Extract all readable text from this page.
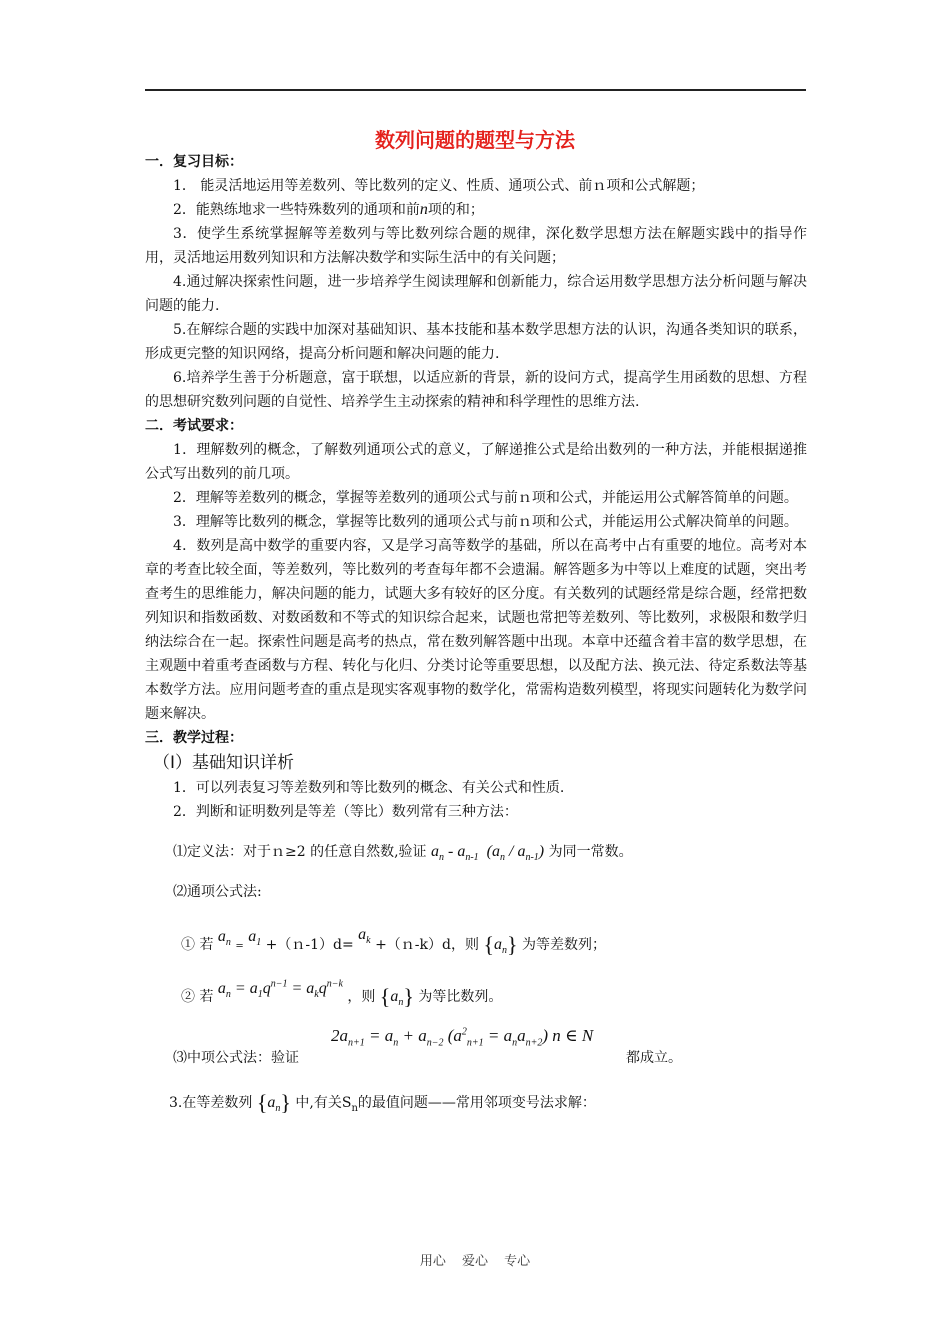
数列问题的题型与方法
一．复习目标：
1． 能灵活地运用等差数列、等比数列的定义、性质、通项公式、前ｎ项和公式解题；
2．能熟练地求一些特殊数列的通项和前n项的和；
3．使学生系统掌握解等差数列与等比数列综合题的规律，深化数学思想方法在解题实践中的指导作用，灵活地运用数列知识和方法解决数学和实际生活中的有关问题；
4.通过解决探索性问题，进一步培养学生阅读理解和创新能力，综合运用数学思想方法分析问题与解决问题的能力.
5.在解综合题的实践中加深对基础知识、基本技能和基本数学思想方法的认识，沟通各类知识的联系，形成更完整的知识网络，提高分析问题和解决问题的能力.
6.培养学生善于分析题意，富于联想，以适应新的背景，新的设问方式，提高学生用函数的思想、方程的思想研究数列问题的自觉性、培养学生主动探索的精神和科学理性的思维方法.
二．考试要求：
1．理解数列的概念，了解数列通项公式的意义，了解递推公式是给出数列的一种方法，并能根据递推公式写出数列的前几项。
2．理解等差数列的概念，掌握等差数列的通项公式与前ｎ项和公式，并能运用公式解答简单的问题。
3．理解等比数列的概念，掌握等比数列的通项公式与前ｎ项和公式，并能运用公式解决简单的问题。
4．数列是高中数学的重要内容，又是学习高等数学的基础，所以在高考中占有重要的地位。高考对本章的考查比较全面，等差数列，等比数列的考查每年都不会遗漏。解答题多为中等以上难度的试题，突出考查考生的思维能力，解决问题的能力，试题大多有较好的区分度。有关数列的试题经常是综合题，经常把数列知识和指数函数、对数函数和不等式的知识综合起来，试题也常把等差数列、等比数列，求极限和数学归纳法综合在一起。探索性问题是高考的热点，常在数列解答题中出现。本章中还蕴含着丰富的数学思想，在主观题中着重考查函数与方程、转化与化归、分类讨论等重要思想，以及配方法、换元法、待定系数法等基本数学方法。应用问题考查的重点是现实客观事物的数学化，常需构造数列模型，将现实问题转化为数学问题来解决。
三．教学过程：
（Ⅰ）基础知识详析
1．可以列表复习等差数列和等比数列的概念、有关公式和性质.
2．判断和证明数列是等差（等比）数列常有三种方法：
⑴定义法：对于ｎ≥2 的任意自然数,验证 $a_n - a_{n-1}$  $(a_n / a_{n-1})$ 为同一常数。
⑵通项公式法:
① 若 $a_n = a_1$ +（ｎ-1）d= $a_k$ +（ｎ-k）d，则 $\{a_n\}$ 为等差数列；
② 若 $a_n = a_1q^{n-1} = a_kq^{n-k}$ ，则 $\{a_n\}$ 为等比数列。
⑶中项公式法：验证
$2a_{n+1} = a_n + a_{n-2}$ $(a^2_{n+1} = a_na_{n+2})$ n ∈ N
都成立。
3.在等差数列 $\{a_n\}$ 中,有关$S_n$的最值问题——常用邻项变号法求解：
用心 爱心 专心
